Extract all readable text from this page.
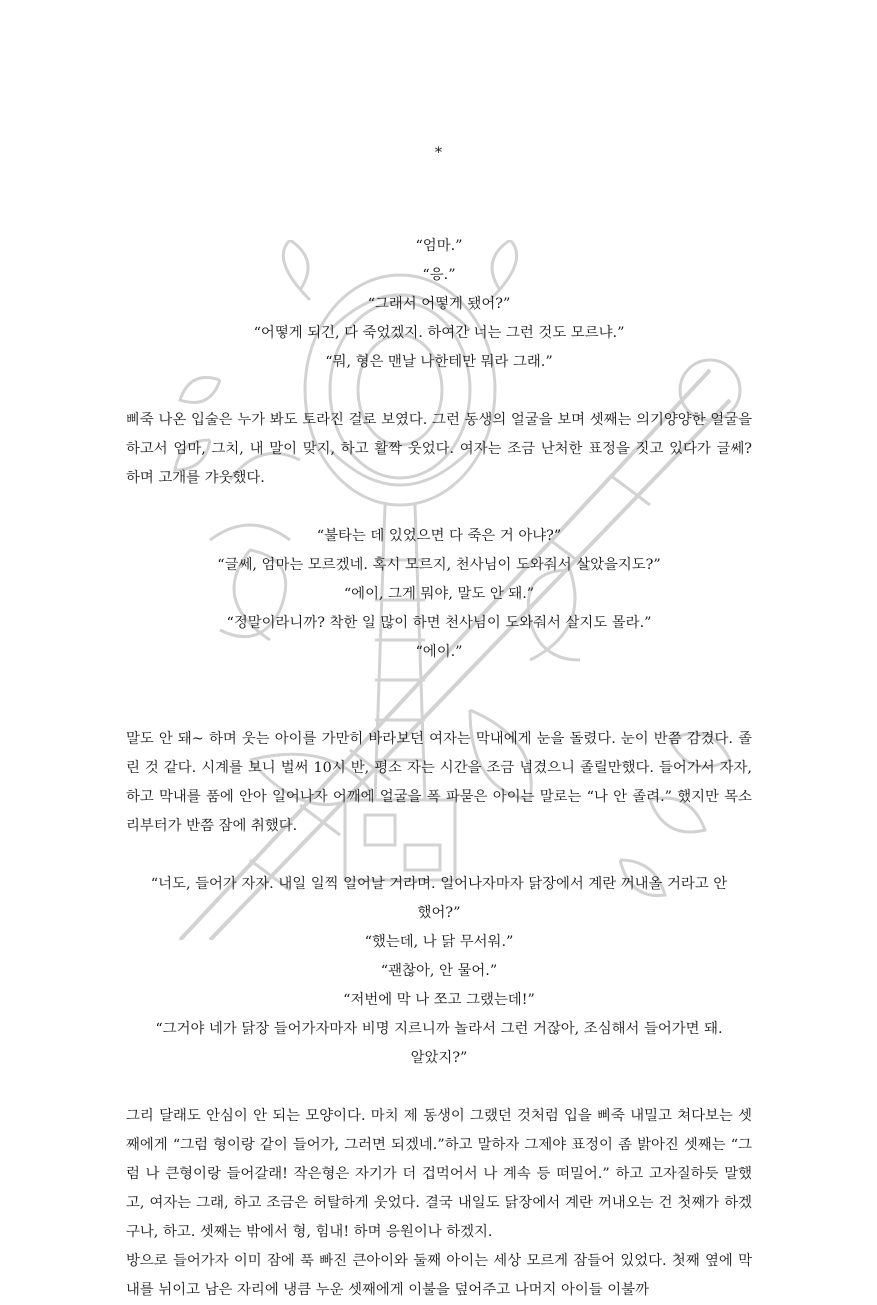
*

“엄마.”

“응.”

“그래서 어떻게 됐어?”

“어떻게 되긴, 다 죽었겠지. 하여간 너는 그런 것도 모르냐.”

“뭐, 형은 맨날 나한테만 뭐라 그래.”

삐죽 나온 입술은 누가 봐도 토라진 걸로 보였다. 그런 동생의 얼굴을 보며 셋째는 의기양양한 얼굴을 하고서 엄마, 그치, 내 말이 맞지, 하고 활짝 웃었다. 여자는 조금 난처한 표정을 짓고 있다가 글쎄? 하며 고개를 갸웃했다.

“불타는 데 있었으면 다 죽은 거 아냐?”

“글쎄, 엄마는 모르겠네. 혹시 모르지, 천사님이 도와줘서 살았을지도?”

“에이, 그게 뭐야, 말도 안 돼.”

“정말이라니까? 착한 일 많이 하면 천사님이 도와줘서 살지도 몰라.”

“에이.”

말도 안 돼~ 하며 웃는 아이를 가만히 바라보던 여자는 막내에게 눈을 돌렸다. 눈이 반쯤 감겼다. 졸린 것 같다. 시계를 보니 벌써 10시 반, 평소 자는 시간을 조금 넘겼으니 졸릴만했다. 들어가서 자자, 하고 막내를 품에 안아 일어나자 어깨에 얼굴을 폭 파묻은 아이는 말로는 “나 안 졸려.” 했지만 목소리부터가 반쯤 잠에 취했다.

“너도, 들어가 자자. 내일 일찍 일어날 거라며. 일어나자마자 닭장에서 계란 꺼내올 거라고 안

했어?”

“했는데, 나 닭 무서워.”

“괜찮아, 안 물어.”

“저번에 막 나 쪼고 그랬는데!”

“그거야 네가 닭장 들어가자마자 비명 지르니까 놀라서 그런 거잖아, 조심해서 들어가면 돼.

알았지?”

그리 달래도 안심이 안 되는 모양이다. 마치 제 동생이 그랬던 것처럼 입을 삐죽 내밀고 쳐다보는 셋째에게 “그럼 형이랑 같이 들어가, 그러면 되겠네.”하고 말하자 그제야 표정이 좀 밝아진 셋째는 “그럼 나 큰형이랑 들어갈래! 작은형은 자기가 더 겁먹어서 나 계속 등 떠밀어.” 하고 고자질하듯 말했고, 여자는 그래, 하고 조금은 허탈하게 웃었다. 결국 내일도 닭장에서 계란 꺼내오는 건 첫째가 하겠구나, 하고. 셋째는 밖에서 형, 힘내! 하며 응원이나 하겠지.

방으로 들어가자 이미 잠에 푹 빠진 큰아이와 둘째 아이는 세상 모르게 잠들어 있었다. 첫째 옆에 막내를 뉘이고 남은 자리에 냉큼 누운 셋째에게 이불을 덮어주고 나머지 아이들 이불까
